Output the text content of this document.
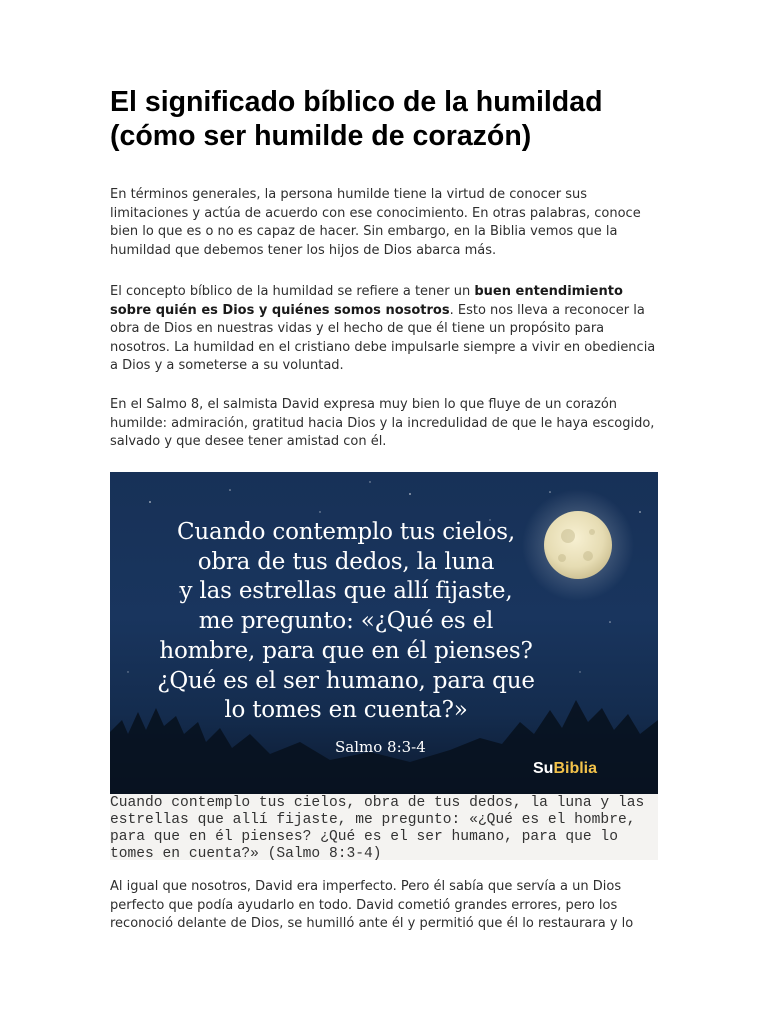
El significado bíblico de la humildad
(cómo ser humilde de corazón)

En términos generales, la persona humilde tiene la virtud de conocer sus limitaciones y actúa de acuerdo con ese conocimiento. En otras palabras, conoce bien lo que es o no es capaz de hacer. Sin embargo, en la Biblia vemos que la humildad que debemos tener los hijos de Dios abarca más.

El concepto bíblico de la humildad se refiere a tener un buen entendimiento sobre quién es Dios y quiénes somos nosotros. Esto nos lleva a reconocer la obra de Dios en nuestras vidas y el hecho de que él tiene un propósito para nosotros. La humildad en el cristiano debe impulsarle siempre a vivir en obediencia a Dios y a someterse a su voluntad.

En el Salmo 8, el salmista David expresa muy bien lo que fluye de un corazón humilde: admiración, gratitud hacia Dios y la incredulidad de que le haya escogido, salvado y que desee tener amistad con él.

Cuando contemplo tus cielos,
obra de tus dedos, la luna
y las estrellas que allí fijaste,
me pregunto: «¿Qué es el
hombre, para que en él pienses?
¿Qué es el ser humano, para que
lo tomes en cuenta?»

Salmo 8:3-4
SuBiblia

Cuando contemplo tus cielos, obra de tus dedos, la luna y las estrellas que allí fijaste, me pregunto: «¿Qué es el hombre, para que en él pienses? ¿Qué es el ser humano, para que lo tomes en cuenta?» (Salmo 8:3-4)

Al igual que nosotros, David era imperfecto. Pero él sabía que servía a un Dios perfecto que podía ayudarlo en todo. David cometió grandes errores, pero los reconoció delante de Dios, se humilló ante él y permitió que él lo restaurara y lo
